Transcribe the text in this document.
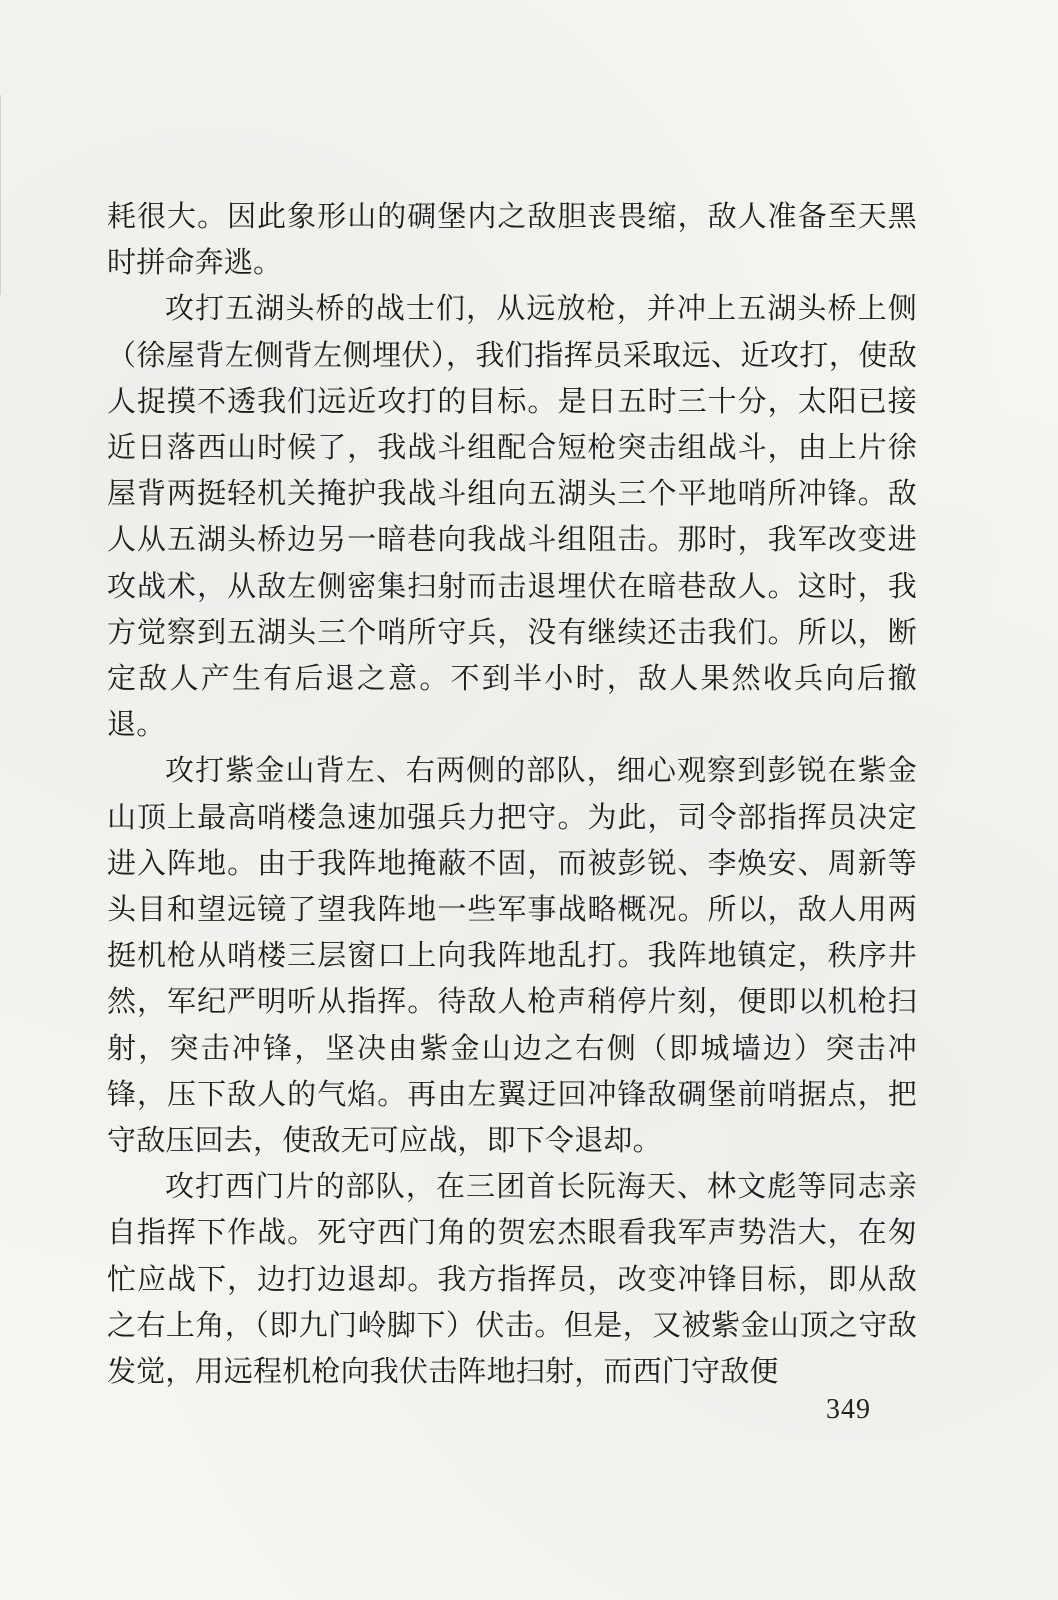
耗很大。因此象形山的碉堡内之敌胆丧畏缩，敌人准备至天黑时拼命奔逃。

攻打五湖头桥的战士们，从远放枪，并冲上五湖头桥上侧（徐屋背左侧背左侧埋伏），我们指挥员采取远、近攻打，使敌人捉摸不透我们远近攻打的目标。是日五时三十分，太阳已接近日落西山时候了，我战斗组配合短枪突击组战斗，由上片徐屋背两挺轻机关掩护我战斗组向五湖头三个平地哨所冲锋。敌人从五湖头桥边另一暗巷向我战斗组阻击。那时，我军改变进攻战术，从敌左侧密集扫射而击退埋伏在暗巷敌人。这时，我方觉察到五湖头三个哨所守兵，没有继续还击我们。所以，断定敌人产生有后退之意。不到半小时，敌人果然收兵向后撤退。

攻打紫金山背左、右两侧的部队，细心观察到彭锐在紫金山顶上最高哨楼急速加强兵力把守。为此，司令部指挥员决定进入阵地。由于我阵地掩蔽不固，而被彭锐、李焕安、周新等头目和望远镜了望我阵地一些军事战略概况。所以，敌人用两挺机枪从哨楼三层窗口上向我阵地乱打。我阵地镇定，秩序井然，军纪严明听从指挥。待敌人枪声稍停片刻，便即以机枪扫射，突击冲锋，坚决由紫金山边之右侧（即城墙边）突击冲锋，压下敌人的气焰。再由左翼迂回冲锋敌碉堡前哨据点，把守敌压回去，使敌无可应战，即下令退却。

攻打西门片的部队，在三团首长阮海天、林文彪等同志亲自指挥下作战。死守西门角的贺宏杰眼看我军声势浩大，在匆忙应战下，边打边退却。我方指挥员，改变冲锋目标，即从敌之右上角，（即九门岭脚下）伏击。但是，又被紫金山顶之守敌发觉，用远程机枪向我伏击阵地扫射，而西门守敌便

349
